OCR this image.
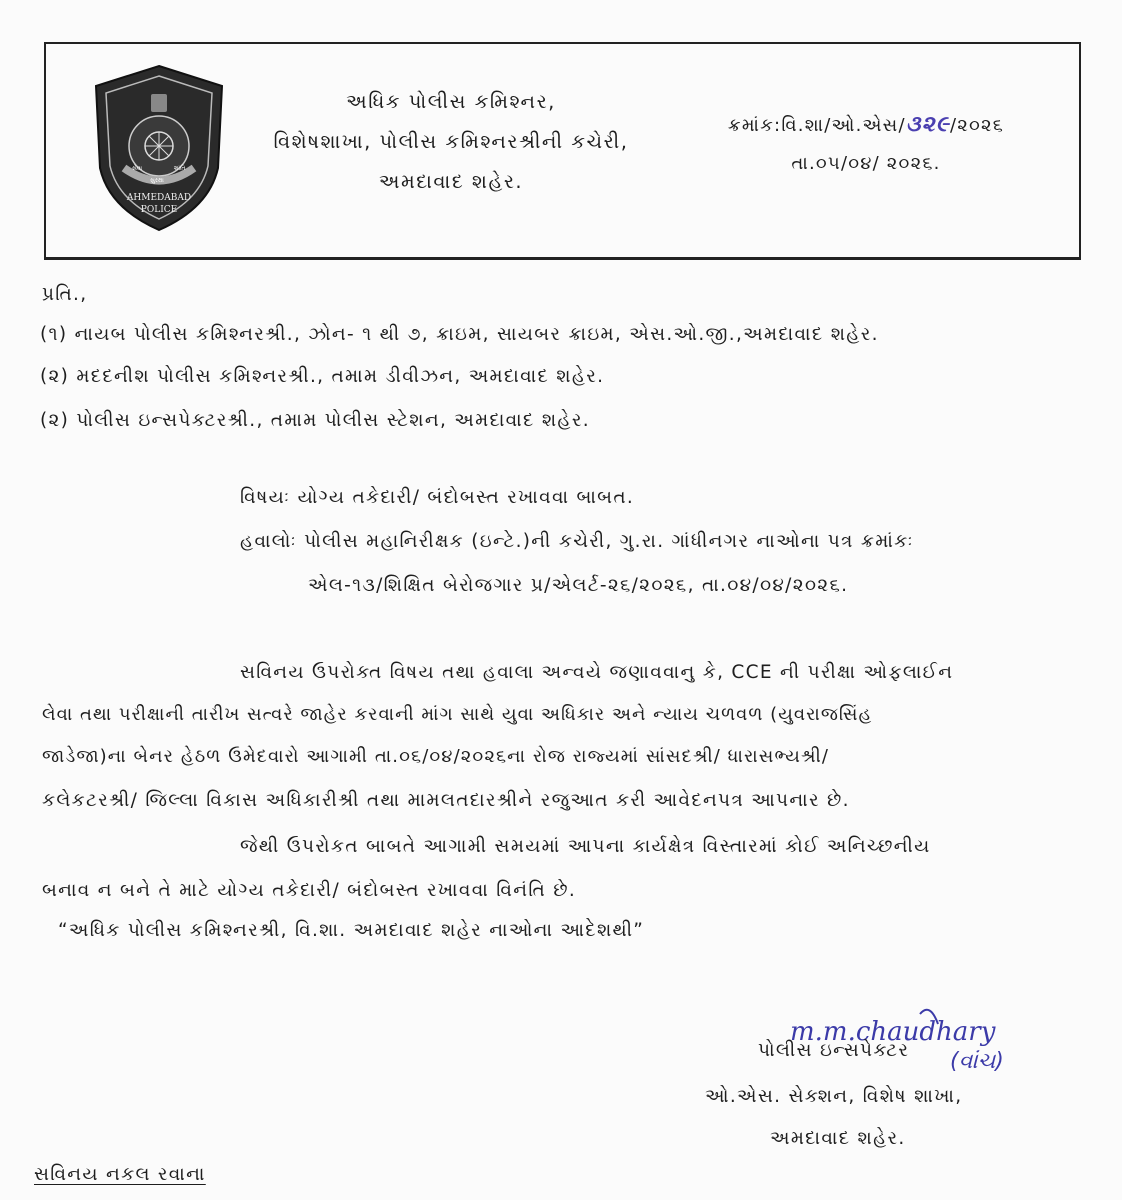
સેવા
સુરક્ષા
શાંતિ
AHMEDABAD
POLICE
અધિક પોલીસ કમિશ્નર,
વિશેષશાખા, પોલીસ કમિશ્નરશ્રીની કચેરી,
અમદાવાદ શહેર.
ક્રમાંક:વિ.શા/ઓ.એસ/૩૨૯/૨૦૨૬
તા.૦૫/૦૪/ ૨૦૨૬.
પ્રતિ.,
(૧) નાયબ પોલીસ કમિશ્નરશ્રી., ઝોન- ૧ થી ૭, ક્રાઇમ, સાયબર ક્રાઇમ, એસ.ઓ.જી.,અમદાવાદ શહેર.
(૨) મદદનીશ પોલીસ કમિશ્નરશ્રી., તમામ ડીવીઝન, અમદાવાદ શહેર.
(૨) પોલીસ ઇન્સપેક્ટરશ્રી., તમામ પોલીસ સ્ટેશન, અમદાવાદ શહેર.
વિષયઃ યોગ્ય તકેદારી/ બંદોબસ્ત રખાવવા બાબત.
હવાલોઃ પોલીસ મહાનિરીક્ષક (ઇન્ટે.)ની કચેરી, ગુ.રા. ગાંધીનગર નાઓના પત્ર ક્રમાંકઃ
એલ-૧૩/શિક્ષિત બેરોજગાર પ્ર/એલર્ટ-૨૬/૨૦૨૬, તા.૦૪/૦૪/૨૦૨૬.
સવિનય ઉપરોક્ત વિષય તથા હવાલા અન્વયે જણાવવાનુ કે, CCE ની પરીક્ષા ઓફલાઈન
લેવા તથા પરીક્ષાની તારીખ સત્વરે જાહેર કરવાની માંગ સાથે યુવા અધિકાર અને ન્યાય ચળવળ (યુવરાજસિંહ
જાડેજા)ના બેનર હેઠળ ઉમેદવારો આગામી તા.૦૬/૦૪/૨૦૨૬ના રોજ રાજ્યમાં સાંસદશ્રી/ ધારાસભ્યશ્રી/
કલેકટરશ્રી/ જિલ્લા વિકાસ અધિકારીશ્રી તથા મામલતદારશ્રીને રજુઆત કરી આવેદનપત્ર આપનાર છે.
જેથી ઉપરોકત બાબતે આગામી સમયમાં આપના કાર્યક્ષેત્ર વિસ્તારમાં કોઈ અનિચ્છનીય
બનાવ ન બને તે માટે યોગ્ય તકેદારી/ બંદોબસ્ત રખાવવા વિનંતિ છે.
“અધિક પોલીસ કમિશ્નરશ્રી, વિ.શા. અમદાવાદ શહેર નાઓના આદેશથી”
m.m.chaudhary
(વાંચ)
પોલીસ ઇન્સપેક્ટર
ઓ.એસ. સેક્શન, વિશેષ શાખા,
અમદાવાદ શહેર.
સવિનય નકલ રવાના
